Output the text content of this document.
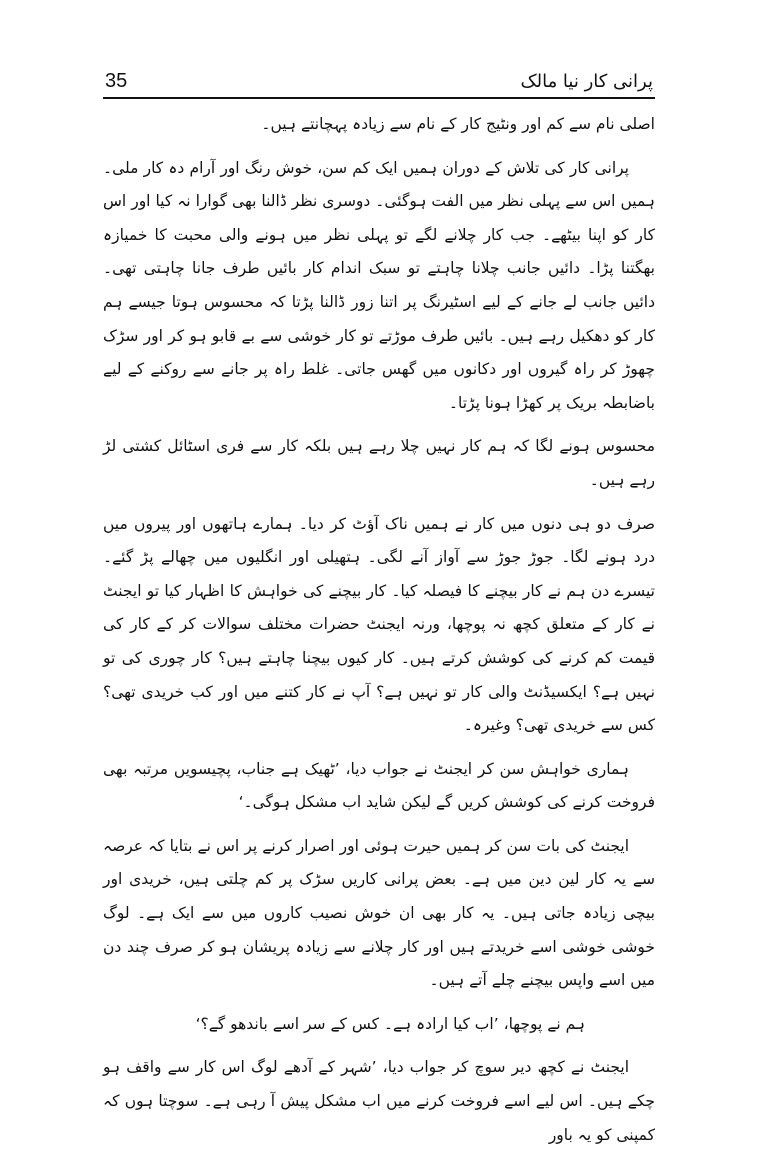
35	پرانی کار نیا مالک

اصلی نام سے کم اور ونٹیج کار کے نام سے زیادہ پہچانتے ہیں۔

پرانی کار کی تلاش کے دوران ہمیں ایک کم سن، خوش رنگ اور آرام دہ کار ملی۔ ہمیں اس سے پہلی نظر میں الفت ہوگئی۔ دوسری نظر ڈالنا بھی گوارا نہ کیا اور اس کار کو اپنا بیٹھے۔ جب کار چلانے لگے تو پہلی نظر میں ہونے والی محبت کا خمیازہ بھگتنا پڑا۔ دائیں جانب چلانا چاہتے تو سبک اندام کار بائیں طرف جانا چاہتی تھی۔ دائیں جانب لے جانے کے لیے اسٹیرنگ پر اتنا زور ڈالنا پڑتا کہ محسوس ہوتا جیسے ہم کار کو دھکیل رہے ہیں۔ بائیں طرف موڑتے تو کار خوشی سے بے قابو ہو کر اور سڑک چھوڑ کر راہ گیروں اور دکانوں میں گھس جاتی۔ غلط راہ پر جانے سے روکنے کے لیے باضابطہ بریک پر کھڑا ہونا پڑتا۔

محسوس ہونے لگا کہ ہم کار نہیں چلا رہے ہیں بلکہ کار سے فری اسٹائل کشتی لڑ رہے ہیں۔

صرف دو ہی دنوں میں کار نے ہمیں ناک آؤٹ کر دیا۔ ہمارے ہاتھوں اور پیروں میں درد ہونے لگا۔ جوڑ جوڑ سے آواز آنے لگی۔ ہتھیلی اور انگلیوں میں چھالے پڑ گئے۔ تیسرے دن ہم نے کار بیچنے کا فیصلہ کیا۔ کار بیچنے کی خواہش کا اظہار کیا تو ایجنٹ نے کار کے متعلق کچھ نہ پوچھا، ورنہ ایجنٹ حضرات مختلف سوالات کر کے کار کی قیمت کم کرنے کی کوشش کرتے ہیں۔ کار کیوں بیچنا چاہتے ہیں؟ کار چوری کی تو نہیں ہے؟ ایکسیڈنٹ والی کار تو نہیں ہے؟ آپ نے کار کتنے میں اور کب خریدی تھی؟ کس سے خریدی تھی؟ وغیرہ۔

ہماری خواہش سن کر ایجنٹ نے جواب دیا، ’ٹھیک ہے جناب، پچیسویں مرتبہ بھی فروخت کرنے کی کوشش کریں گے لیکن شاید اب مشکل ہوگی۔‘

ایجنٹ کی بات سن کر ہمیں حیرت ہوئی اور اصرار کرنے پر اس نے بتایا کہ عرصہ سے یہ کار لین دین میں ہے۔ بعض پرانی کاریں سڑک پر کم چلتی ہیں، خریدی اور بیچی زیادہ جاتی ہیں۔ یہ کار بھی ان خوش نصیب کاروں میں سے ایک ہے۔ لوگ خوشی خوشی اسے خریدتے ہیں اور کار چلانے سے زیادہ پریشان ہو کر صرف چند دن میں اسے واپس بیچنے چلے آتے ہیں۔

ہم نے پوچھا، ’اب کیا ارادہ ہے۔ کس کے سر اسے باندھو گے؟‘

ایجنٹ نے کچھ دیر سوچ کر جواب دیا، ’شہر کے آدھے لوگ اس کار سے واقف ہو چکے ہیں۔ اس لیے اسے فروخت کرنے میں اب مشکل پیش آ رہی ہے۔ سوچتا ہوں کہ کمپنی کو یہ باور
